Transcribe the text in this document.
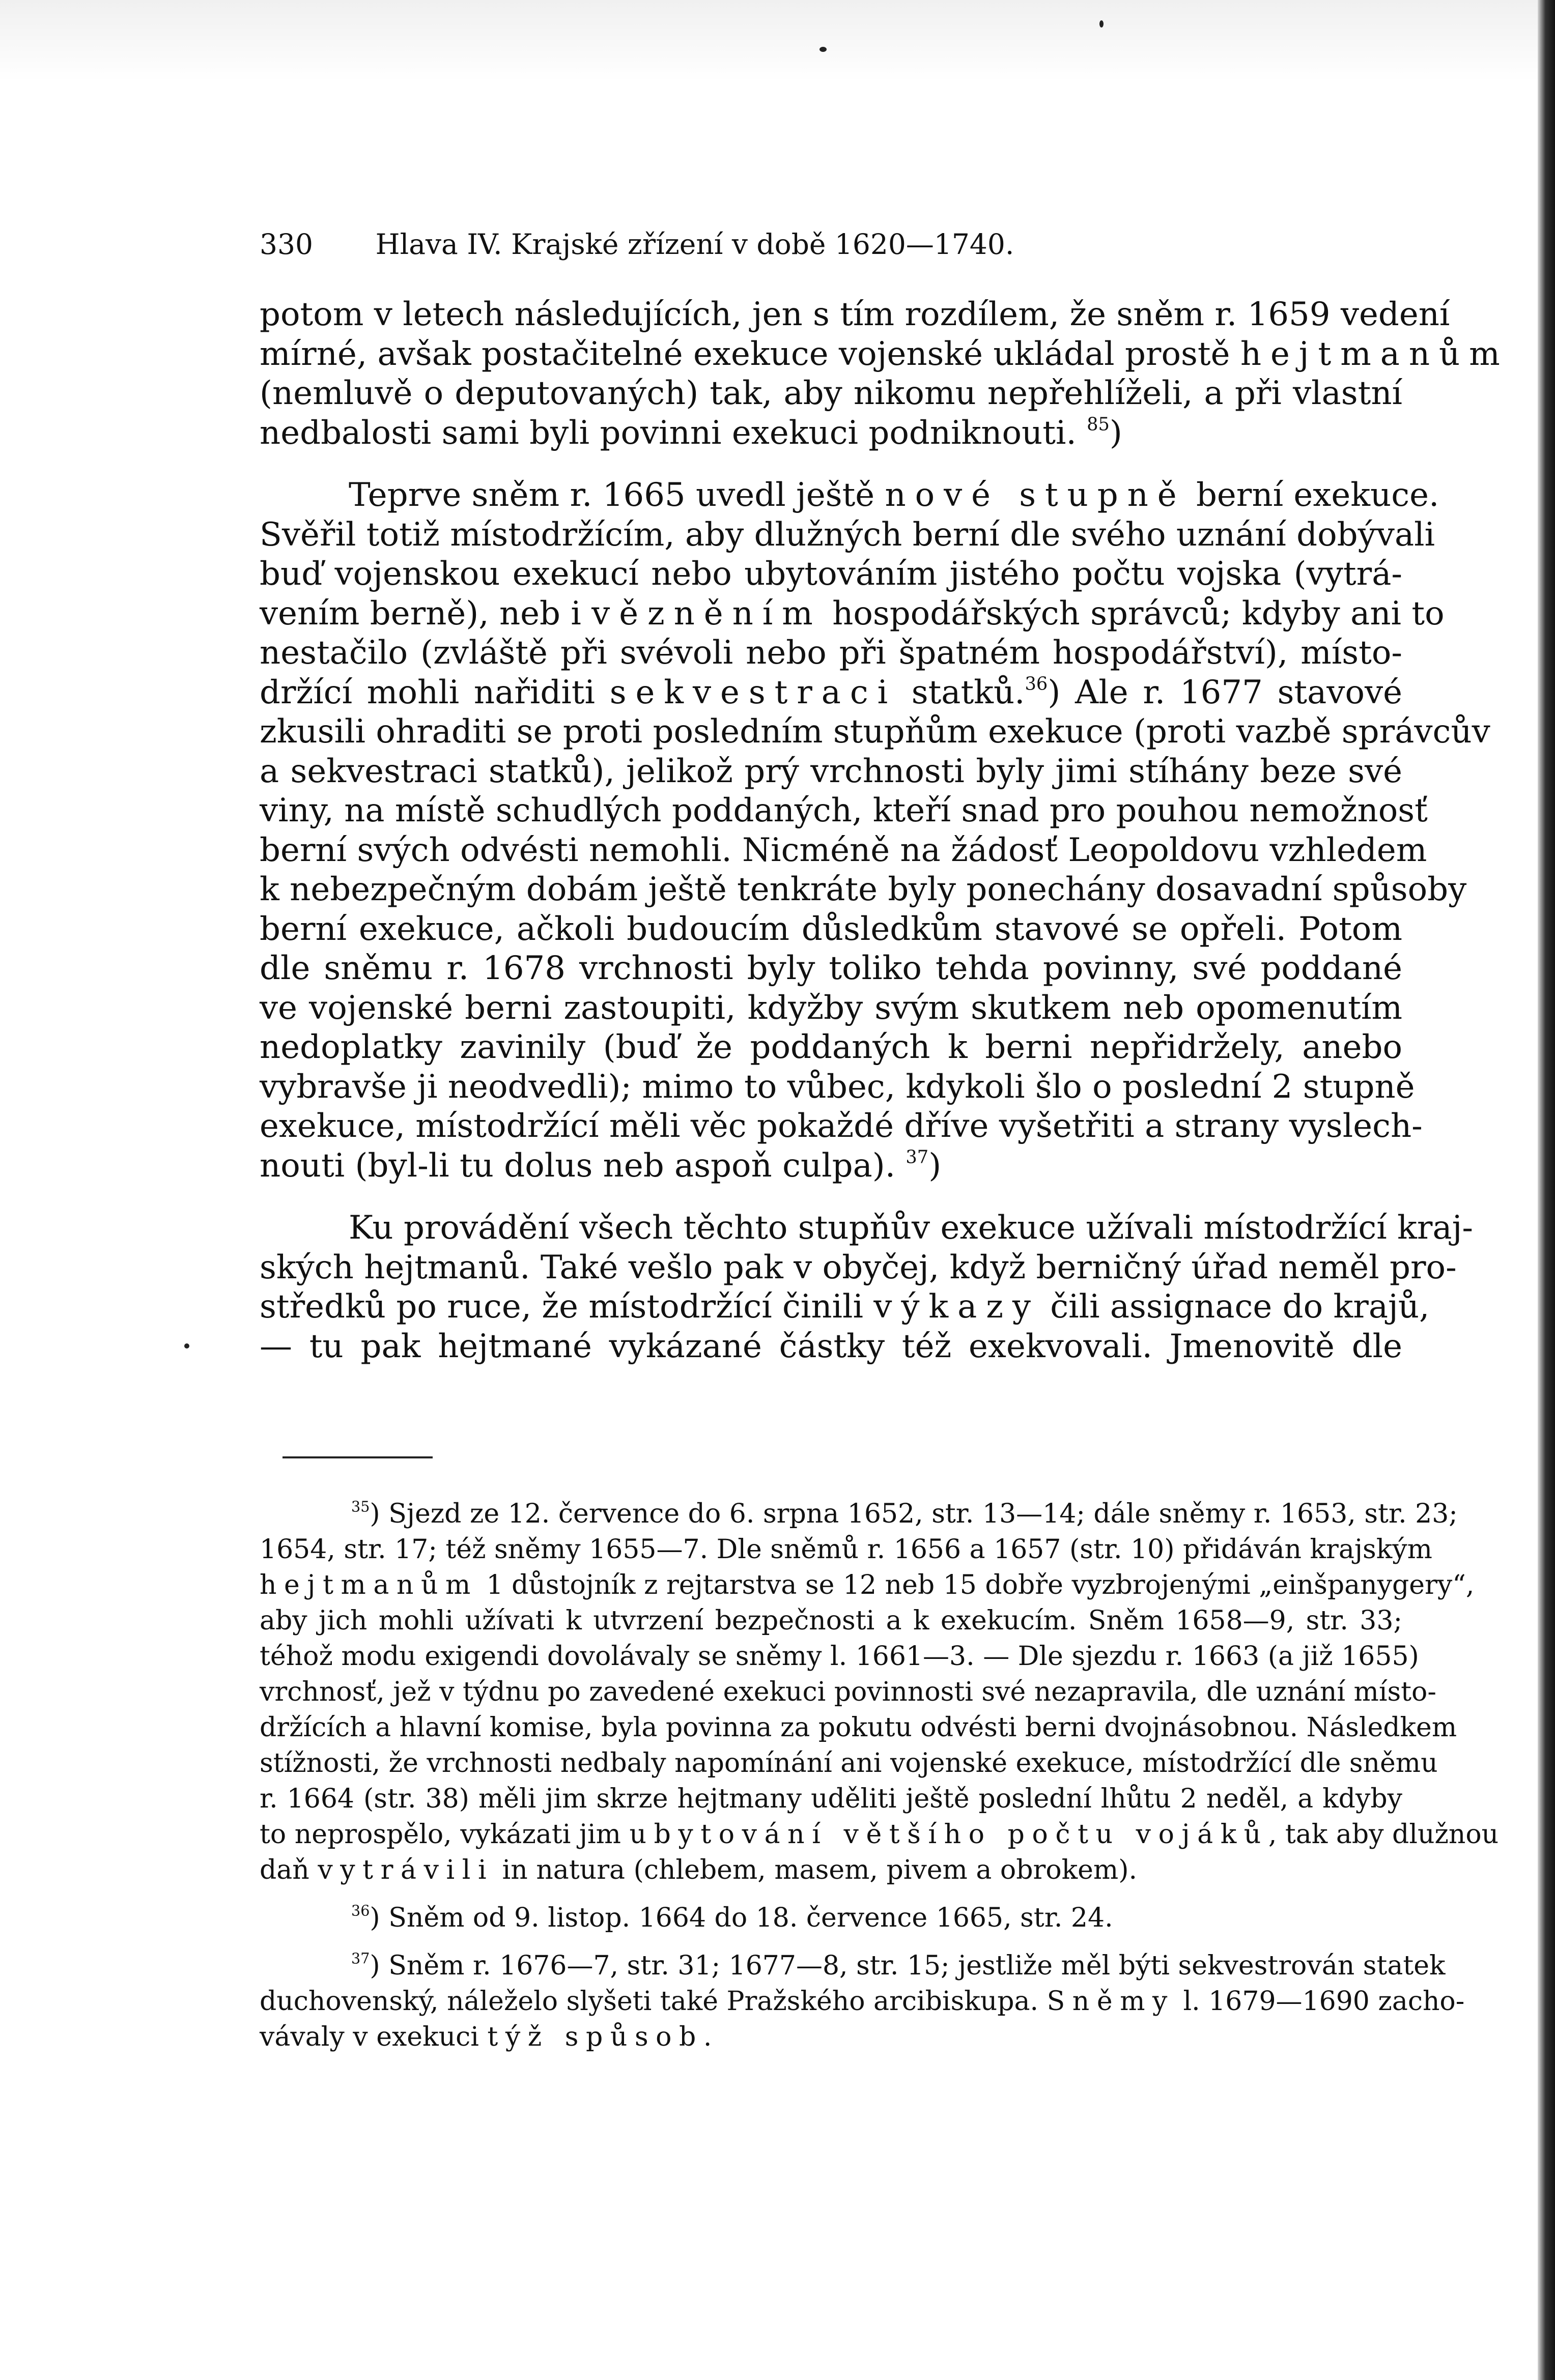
330	Hlava IV. Krajské zřízení v době 1620—1740.
potom v letech následujících, jen s tím rozdílem, že sněm r. 1659 vedení
mírné, avšak postačitelné exekuce vojenské ukládal prostě hejtmanům
(nemluvě o deputovaných) tak, aby nikomu nepřehlíželi, a při vlastní
nedbalosti sami byli povinni exekuci podniknouti. $^{85}$)
Teprve sněm r. 1665 uvedl ještě nové stupně berní exekuce.
Svěřil totiž místodržícím, aby dlužných berní dle svého uznání dobývali
buď vojenskou exekucí nebo ubytováním jistého počtu vojska (vytrá-
vením berně), neb i vězněním hospodářských správců; kdyby ani to
nestačilo (zvláště při svévoli nebo při špatném hospodářství), místo-
držící mohli nařiditi sekvestraci statků.$^{36}$) Ale r. 1677 stavové
zkusili ohraditi se proti posledním stupňům exekuce (proti vazbě správcův
a sekvestraci statků), jelikož prý vrchnosti byly jimi stíhány beze své
viny, na místě schudlých poddaných, kteří snad pro pouhou nemožnosť
berní svých odvésti nemohli. Nicméně na žádosť Leopoldovu vzhledem
k nebezpečným dobám ještě tenkráte byly ponechány dosavadní spůsoby
berní exekuce, ačkoli budoucím důsledkům stavové se opřeli. Potom
dle sněmu r. 1678 vrchnosti byly toliko tehda povinny, své poddané
ve vojenské berni zastoupiti, kdyžby svým skutkem neb opomenutím
nedoplatky zavinily (buď že poddaných k berni nepřidržely, anebo
vybravše ji neodvedli); mimo to vůbec, kdykoli šlo o poslední 2 stupně
exekuce, místodržící měli věc pokaždé dříve vyšetřiti a strany vyslech-
nouti (byl-li tu dolus neb aspoň culpa). $^{37}$)
Ku provádění všech těchto stupňův exekuce užívali místodržící kraj-
ských hejtmanů. Také vešlo pak v obyčej, když berničný úřad neměl pro-
středků po ruce, že místodržící činili výkazy čili assignace do krajů,
— tu pak hejtmané vykázané částky též exekvovali. Jmenovitě dle
$^{35}$) Sjezd ze 12. července do 6. srpna 1652, str. 13—14; dále sněmy r. 1653, str. 23;
1654, str. 17; též sněmy 1655—7. Dle sněmů r. 1656 a 1657 (str. 10) přidáván krajským
hejtmanům 1 důstojník z rejtarstva se 12 neb 15 dobře vyzbrojenými „einšpanygery“,
aby jich mohli užívati k utvrzení bezpečnosti a k exekucím. Sněm 1658—9, str. 33;
téhož modu exigendi dovolávaly se sněmy l. 1661—3. — Dle sjezdu r. 1663 (a již 1655)
vrchnosť, jež v týdnu po zavedené exekuci povinnosti své nezapravila, dle uznání místo-
držících a hlavní komise, byla povinna za pokutu odvésti berni dvojnásobnou. Následkem
stížnosti, že vrchnosti nedbaly napomínání ani vojenské exekuce, místodržící dle sněmu
r. 1664 (str. 38) měli jim skrze hejtmany uděliti ještě poslední lhůtu 2 neděl, a kdyby
to neprospělo, vykázati jim ubytování většího počtu vojáků, tak aby dlužnou
daň vytrávili in natura (chlebem, masem, pivem a obrokem).
$^{36}$) Sněm od 9. listop. 1664 do 18. července 1665, str. 24.
$^{37}$) Sněm r. 1676—7, str. 31; 1677—8, str. 15; jestliže měl býti sekvestrován statek
duchovenský, náleželo slyšeti také Pražského arcibiskupa. Sněmy l. 1679—1690 zacho-
vávaly v exekuci týž spůsob.
